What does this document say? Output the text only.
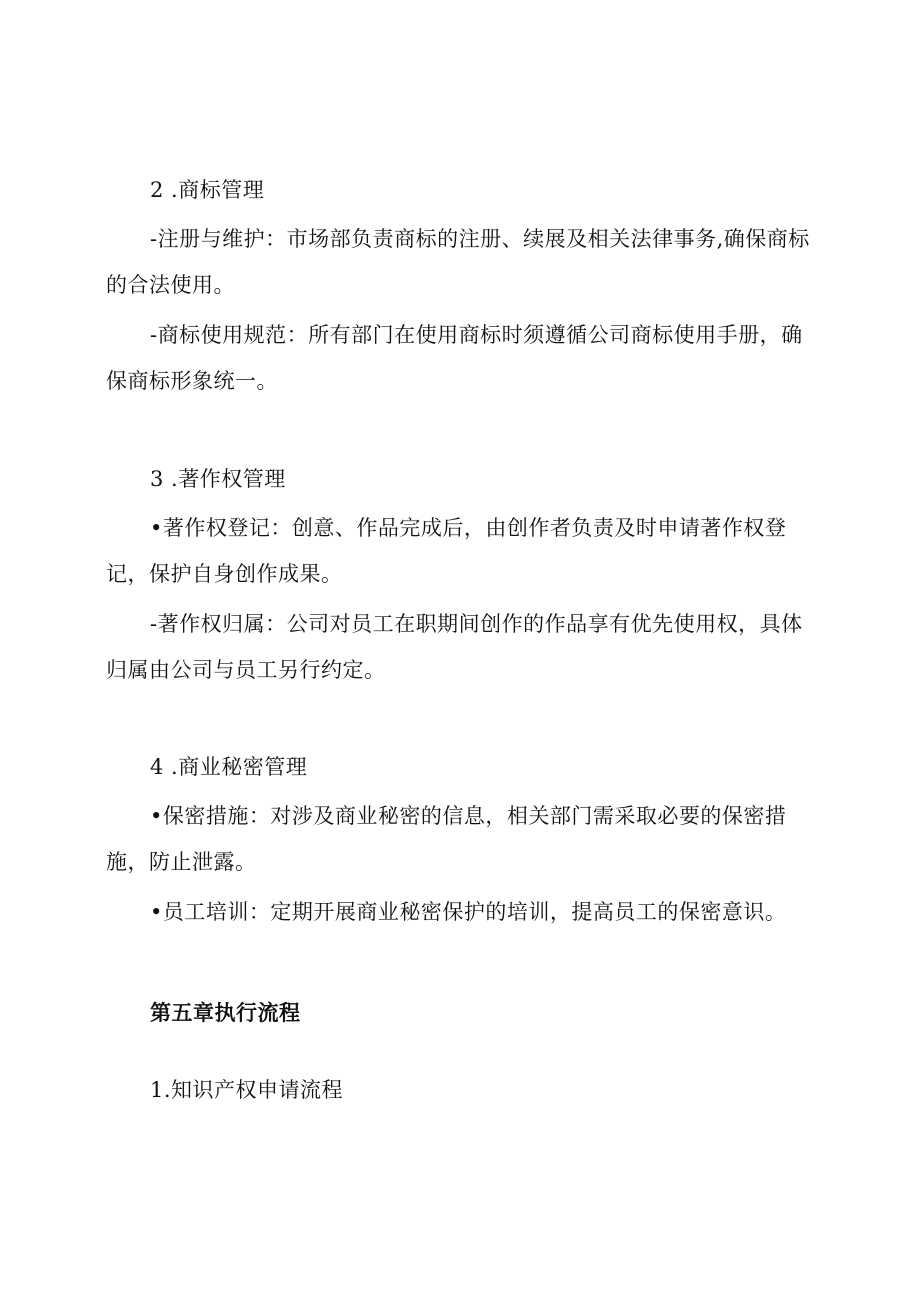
2 .商标管理
-注册与维护：市场部负责商标的注册、续展及相关法律事务,确保商标
的合法使用。
-商标使用规范：所有部门在使用商标时须遵循公司商标使用手册，确
保商标形象统一。
3 .著作权管理
•著作权登记：创意、作品完成后，由创作者负责及时申请著作权登
记，保护自身创作成果。
-著作权归属：公司对员工在职期间创作的作品享有优先使用权，具体
归属由公司与员工另行约定。
4 .商业秘密管理
•保密措施：对涉及商业秘密的信息，相关部门需采取必要的保密措
施，防止泄露。
•员工培训：定期开展商业秘密保护的培训，提高员工的保密意识。
第五章执行流程
1.知识产权申请流程
